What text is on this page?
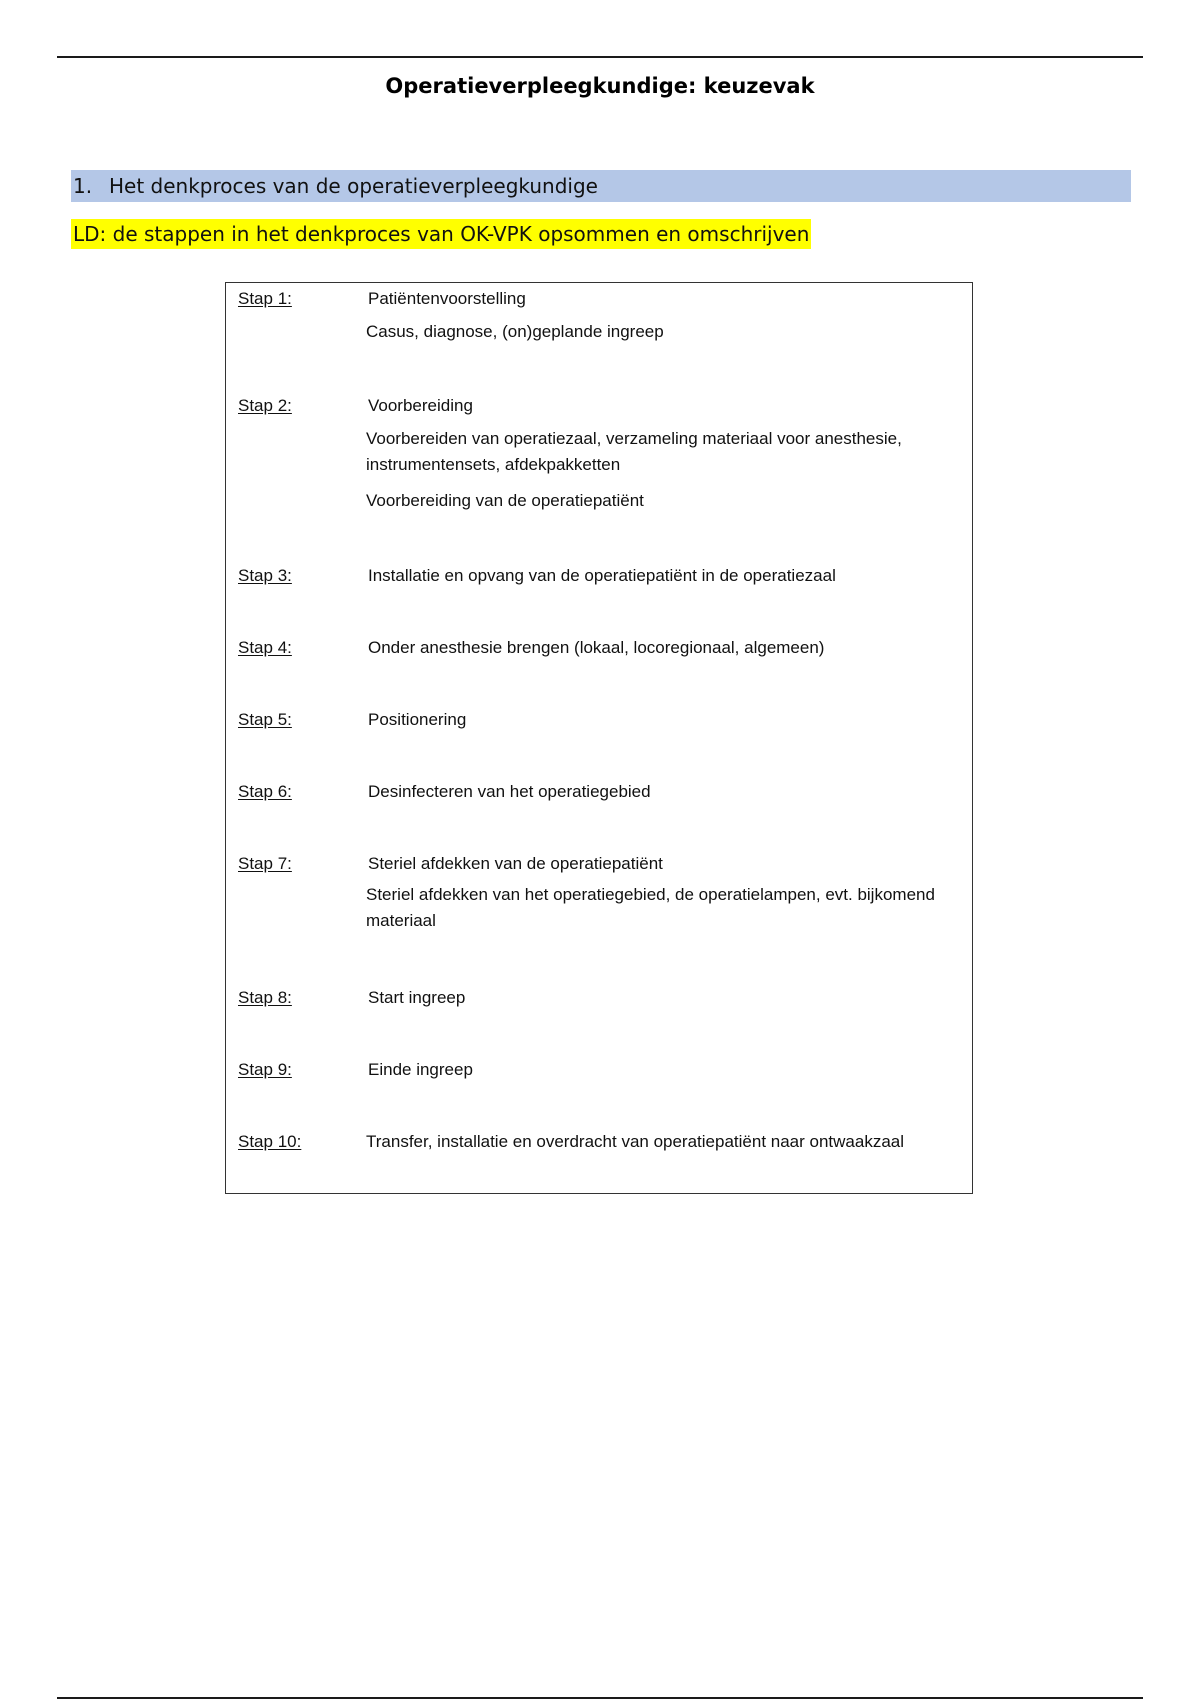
Operatieverpleegkundige: keuzevak
1. Het denkproces van de operatieverpleegkundige
LD: de stappen in het denkproces van OK-VPK opsommen en omschrijven
Stap 1:	Patiëntenvoorstelling
Casus, diagnose, (on)geplande ingreep
Stap 2:	Voorbereiding
Voorbereiden van operatiezaal, verzameling materiaal voor anesthesie, instrumentensets, afdekpakketten
Voorbereiding van de operatiepatiënt
Stap 3:	Installatie en opvang van de operatiepatiënt in de operatiezaal
Stap 4:	Onder anesthesie brengen (lokaal, locoregionaal, algemeen)
Stap 5:	Positionering
Stap 6:	Desinfecteren van het operatiegebied
Stap 7:	Steriel afdekken van de operatiepatiënt
Steriel afdekken van het operatiegebied, de operatielampen, evt. bijkomend materiaal
Stap 8:	Start ingreep
Stap 9:	Einde ingreep
Stap 10:	Transfer, installatie en overdracht van operatiepatiënt naar ontwaakzaal
